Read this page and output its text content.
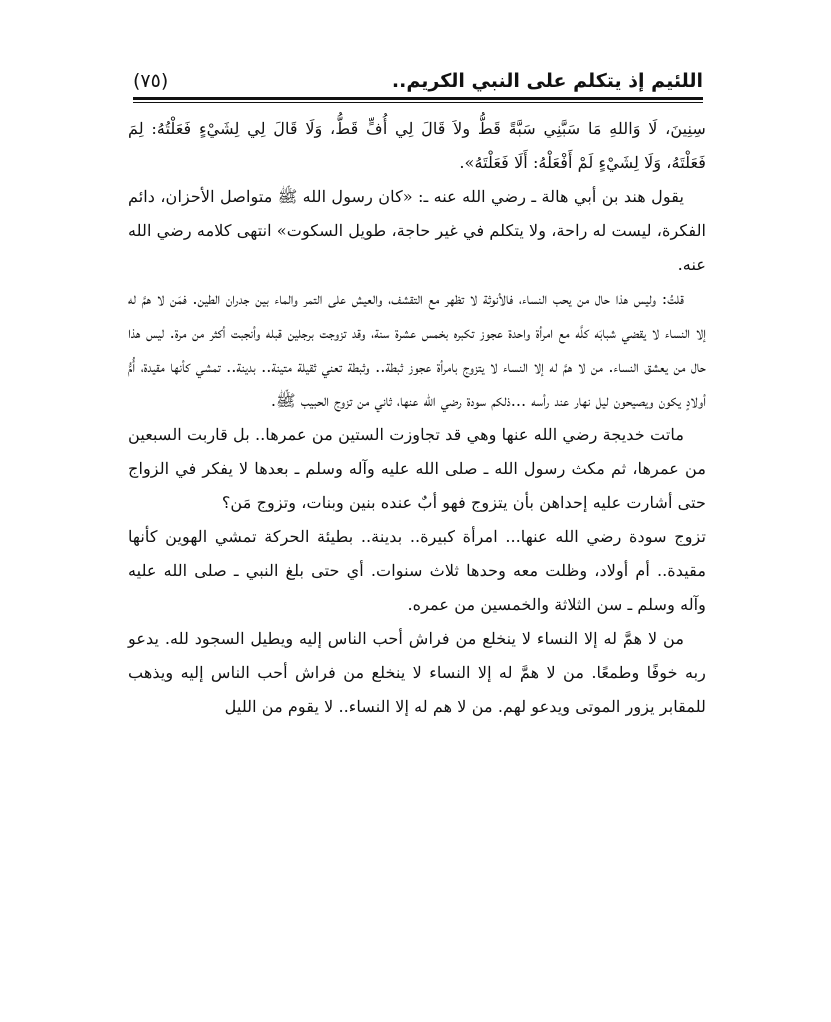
اللئيم إذ يتكلم على النبي الكريم..
(٧٥)

سِنِينَ، لَا وَاللهِ مَا سَبَّنِي سَبَّةً قَطُّ ولاَ قَالَ لِي أُفٍّ قَطُّ، وَلَا قَالَ لِي لِشَيْءٍ فَعَلْتُهُ: لِمَ فَعَلْتَهُ، وَلَا لِشَيْءٍ لَمْ أَفْعَلْهُ: أَلَا فَعَلْتَهُ».

يقول هند بن أبي هالة ـ رضي الله عنه ـ: «كان رسول الله ﷺ متواصل الأحزان، دائم الفكرة، ليست له راحة، ولا يتكلم في غير حاجة، طويل السكوت» انتهى كلامه رضي الله عنه.

قلتُ: وليس هذا حال من يحب النساء، فالأنوثة لا تظهر مع التقشف، والعيش على التمر والماء بين جدران الطين. فمَن لا همَّ له إلا النساء لا يقضي شبابَه كلَّه مع امرأة واحدة عجوز تكبره بخمس عشرة سنة، وقد تزوجت برجلين قبله وأنجبت أكثر من مرة. ليس هذا حال من يعشق النساء. من لا همَّ له إلا النساء لا يتزوج بامرأة عجوز ثبطة.. وثبطة تعني ثقيلة متينة.. بدينة.. تمشي كأنها مقيدة، أُمُّ أولادٍ يكون ويصيحون ليل نهار عند رأسه ...ذلكم سودة رضي الله عنها، ثاني من تزوج الحبيب ﷺ.

ماتت خديجة رضي الله عنها وهي قد تجاوزت الستين من عمرها.. بل قاربت السبعين من عمرها، ثم مكث رسول الله ـ صلى الله عليه وآله وسلم ـ بعدها لا يفكر في الزواج حتى أشارت عليه إحداهن بأن يتزوج فهو أبٌ عنده بنين وبنات، وتزوج مَن؟

تزوج سودة رضي الله عنها... امرأة كبيرة.. بدينة.. بطيئة الحركة تمشي الهوين كأنها مقيدة.. أم أولاد، وظلت معه وحدها ثلاث سنوات. أي حتى بلغ النبي ـ صلى الله عليه وآله وسلم ـ سن الثلاثة والخمسين من عمره.

من لا همَّ له إلا النساء لا ينخلع من فراش أحب الناس إليه ويطيل السجود لله. يدعو ربه خوفًا وطمعًا. من لا همَّ له إلا النساء لا ينخلع من فراش أحب الناس إليه ويذهب للمقابر يزور الموتى ويدعو لهم. من لا هم له إلا النساء.. لا يقوم من الليل
